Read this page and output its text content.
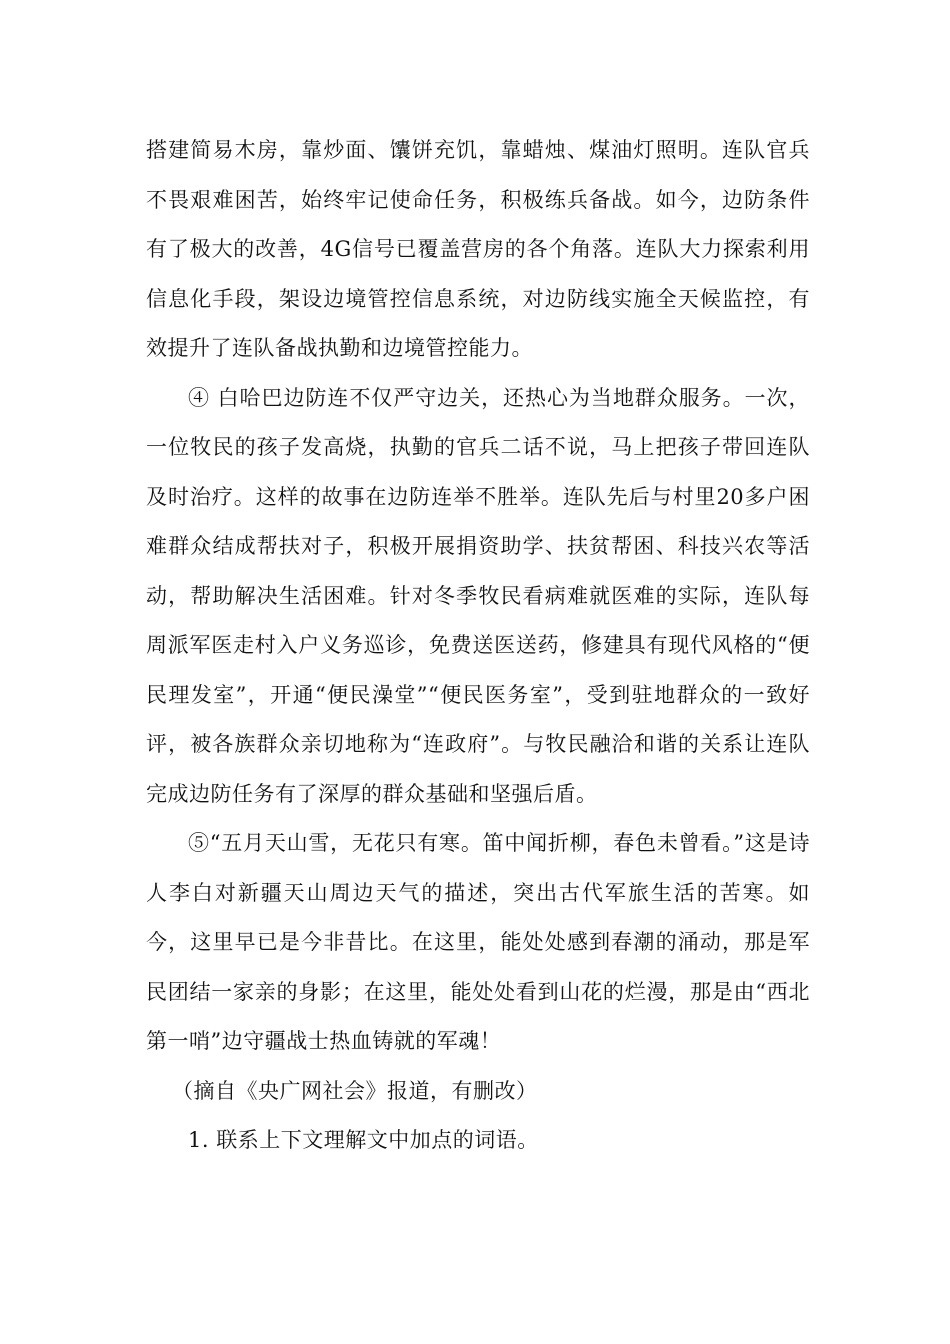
搭建简易木房，靠炒面、馕饼充饥，靠蜡烛、煤油灯照明。连队官兵不畏艰难困苦，始终牢记使命任务，积极练兵备战。如今，边防条件有了极大的改善，4G信号已覆盖营房的各个角落。连队大力探索利用信息化手段，架设边境管控信息系统，对边防线实施全天候监控，有效提升了连队备战执勤和边境管控能力。

④ 白哈巴边防连不仅严守边关，还热心为当地群众服务。一次，一位牧民的孩子发高烧，执勤的官兵二话不说，马上把孩子带回连队及时治疗。这样的故事在边防连举不胜举。连队先后与村里20多户困难群众结成帮扶对子，积极开展捐资助学、扶贫帮困、科技兴农等活动，帮助解决生活困难。针对冬季牧民看病难就医难的实际，连队每周派军医走村入户义务巡诊，免费送医送药，修建具有现代风格的“便民理发室”，开通“便民澡堂”“便民医务室”，受到驻地群众的一致好评，被各族群众亲切地称为“连政府”。与牧民融洽和谐的关系让连队完成边防任务有了深厚的群众基础和坚强后盾。

⑤“五月天山雪，无花只有寒。笛中闻折柳，春色未曾看。”这是诗人李白对新疆天山周边天气的描述，突出古代军旅生活的苦寒。如今，这里早已是今非昔比。在这里，能处处感到春潮的涌动，那是军民团结一家亲的身影；在这里，能处处看到山花的烂漫，那是由“西北第一哨”边守疆战士热血铸就的军魂！

（摘自《央广网社会》报道，有删改）

1. 联系上下文理解文中加点的词语。
